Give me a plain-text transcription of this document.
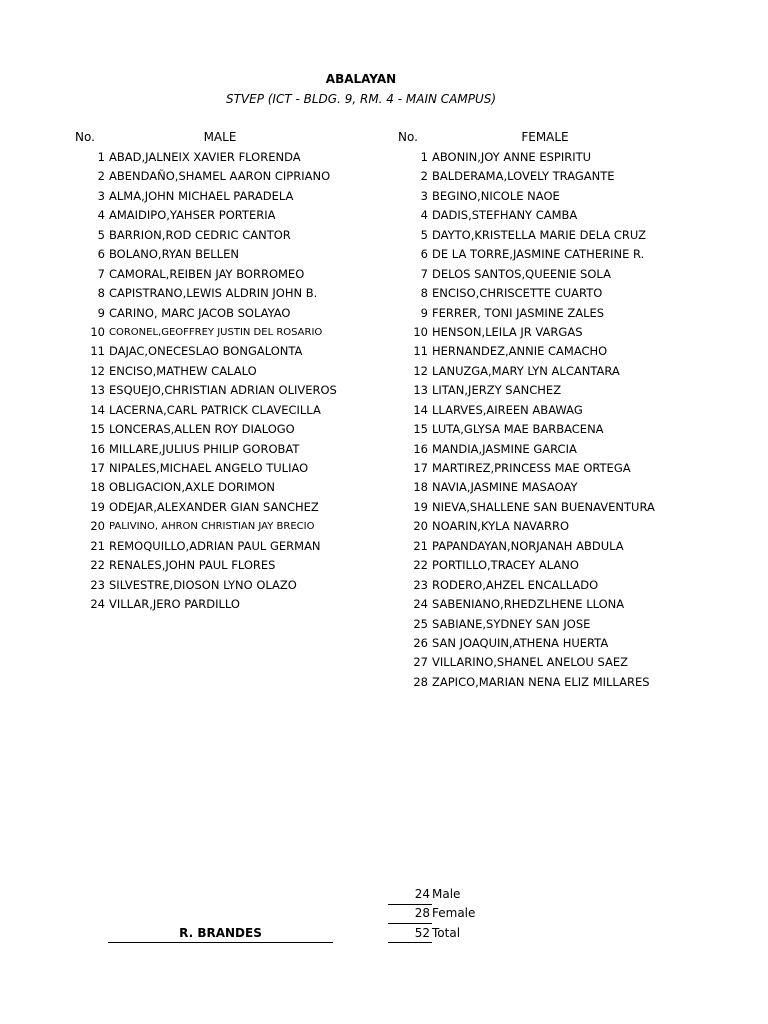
ABALAYAN
STVEP (ICT - BLDG. 9, RM. 4 - MAIN CAMPUS)
No.	MALE	No.	FEMALE
1 ABAD,JALNEIX XAVIER FLORENDA
2 ABENDAÑO,SHAMEL AARON CIPRIANO
3 ALMA,JOHN MICHAEL PARADELA
4 AMAIDIPO,YAHSER PORTERIA
5 BARRION,ROD CEDRIC CANTOR
6 BOLANO,RYAN BELLEN
7 CAMORAL,REIBEN JAY BORROMEO
8 CAPISTRANO,LEWIS ALDRIN JOHN B.
9 CARINO, MARC JACOB SOLAYAO
10 CORONEL,GEOFFREY JUSTIN DEL ROSARIO
11 DAJAC,ONECESLAO BONGALONTA
12 ENCISO,MATHEW CALALO
13 ESQUEJO,CHRISTIAN ADRIAN OLIVEROS
14 LACERNA,CARL PATRICK CLAVECILLA
15 LONCERAS,ALLEN ROY DIALOGO
16 MILLARE,JULIUS PHILIP GOROBAT
17 NIPALES,MICHAEL ANGELO TULIAO
18 OBLIGACION,AXLE DORIMON
19 ODEJAR,ALEXANDER GIAN SANCHEZ
20 PALIVINO, AHRON CHRISTIAN JAY BRECIO
21 REMOQUILLO,ADRIAN PAUL GERMAN
22 RENALES,JOHN PAUL FLORES
23 SILVESTRE,DIOSON LYNO OLAZO
24 VILLAR,JERO PARDILLO
1 ABONIN,JOY ANNE ESPIRITU
2 BALDERAMA,LOVELY TRAGANTE
3 BEGINO,NICOLE NAOE
4 DADIS,STEFHANY CAMBA
5 DAYTO,KRISTELLA MARIE DELA CRUZ
6 DE LA TORRE,JASMINE CATHERINE R.
7 DELOS SANTOS,QUEENIE SOLA
8 ENCISO,CHRISCETTE CUARTO
9 FERRER, TONI JASMINE ZALES
10 HENSON,LEILA JR VARGAS
11 HERNANDEZ,ANNIE CAMACHO
12 LANUZGA,MARY LYN ALCANTARA
13 LITAN,JERZY SANCHEZ
14 LLARVES,AIREEN ABAWAG
15 LUTA,GLYSA MAE BARBACENA
16 MANDIA,JASMINE GARCIA
17 MARTIREZ,PRINCESS MAE ORTEGA
18 NAVIA,JASMINE MASAOAY
19 NIEVA,SHALLENE SAN BUENAVENTURA
20 NOARIN,KYLA NAVARRO
21 PAPANDAYAN,NORJANAH ABDULA
22 PORTILLO,TRACEY ALANO
23 RODERO,AHZEL ENCALLADO
24 SABENIANO,RHEDZLHENE LLONA
25 SABIANE,SYDNEY SAN JOSE
26 SAN JOAQUIN,ATHENA HUERTA
27 VILLARINO,SHANEL ANELOU SAEZ
28 ZAPICO,MARIAN NENA ELIZ MILLARES
24 Male
28 Female
52 Total
R. BRANDES
